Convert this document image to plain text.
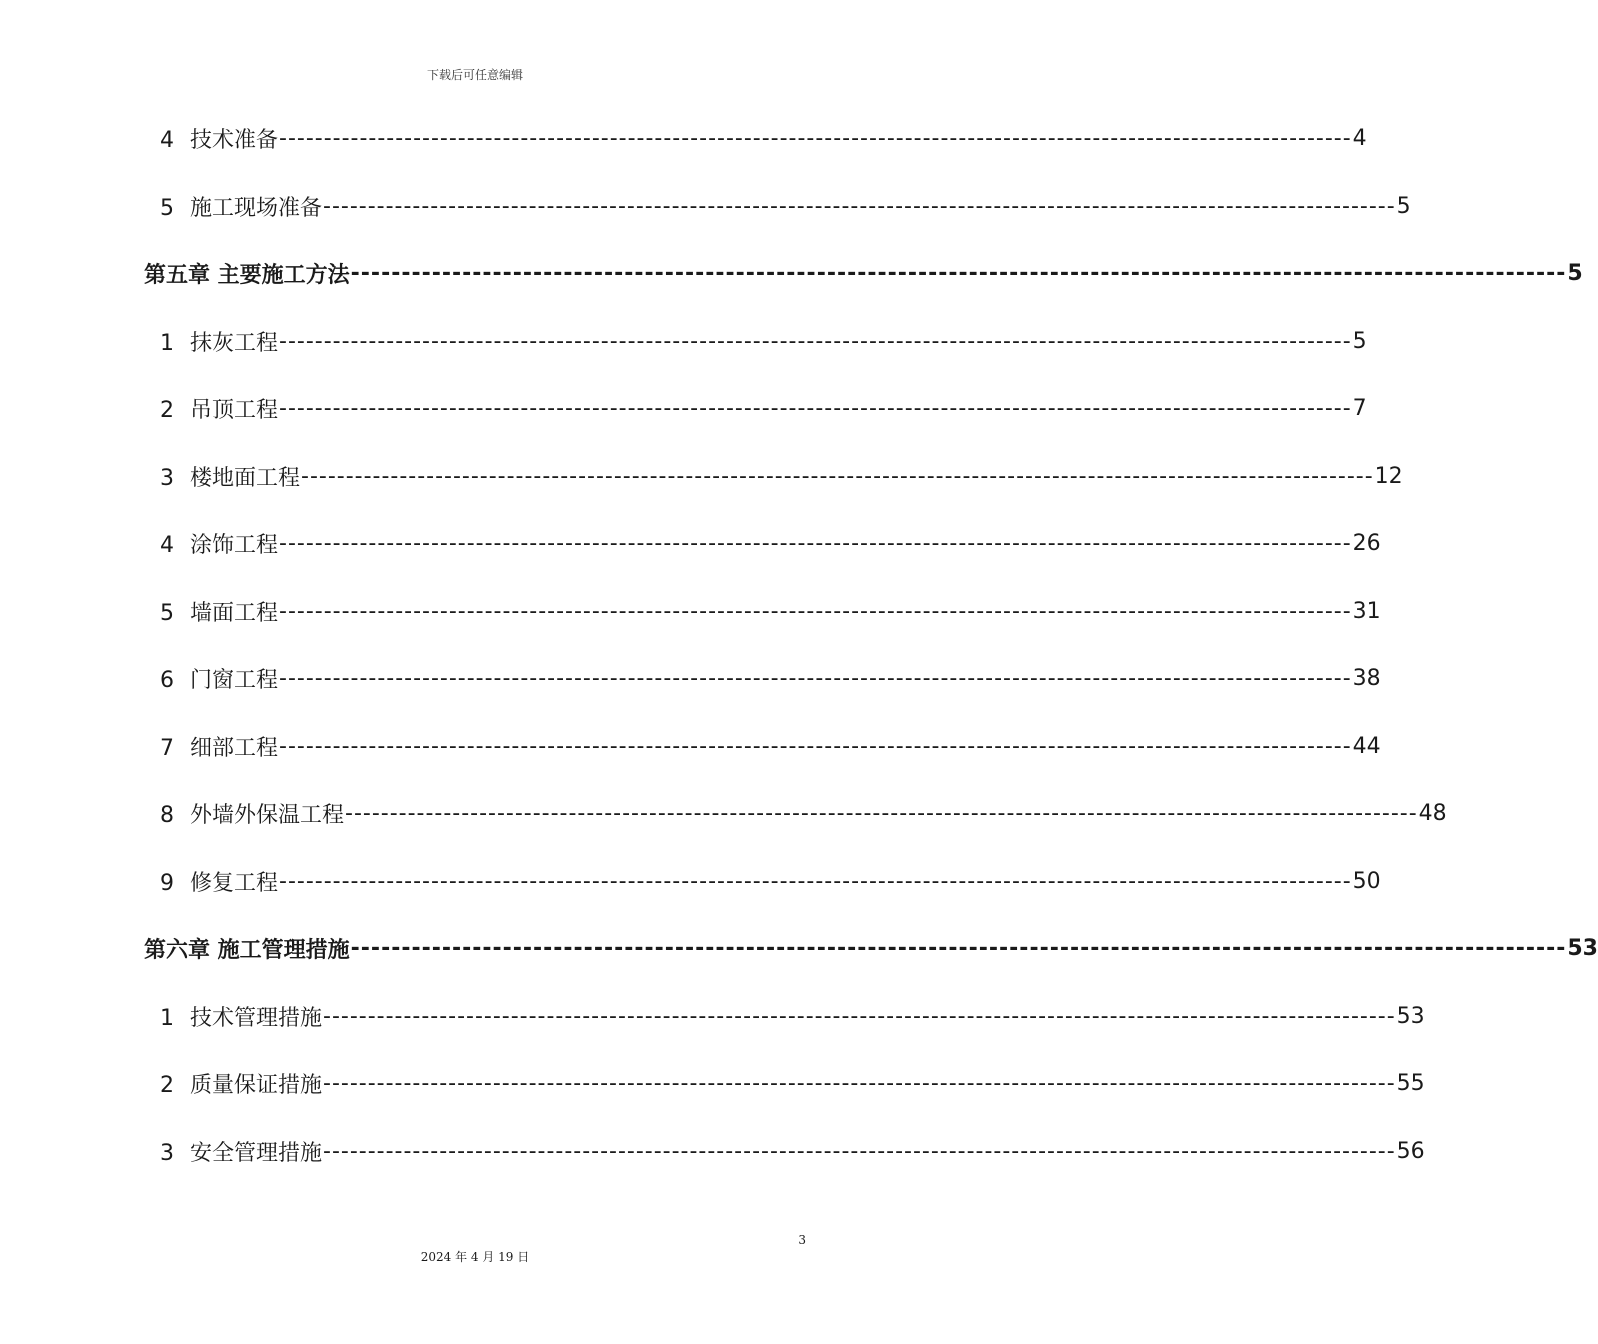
下载后可任意编辑
4 技术准备 ------------------------------------------------------------------------------------------------------------------------ 4
5 施工现场准备 ------------------------------------------------------------------------------------------------------------------------ 5
第五章 主要施工方法 ------------------------------------------------------------------------------------------------------------------------ 5
1 抹灰工程 ------------------------------------------------------------------------------------------------------------------------ 5
2 吊顶工程 ------------------------------------------------------------------------------------------------------------------------ 7
3 楼地面工程 ------------------------------------------------------------------------------------------------------------------------ 12
4 涂饰工程 ------------------------------------------------------------------------------------------------------------------------ 26
5 墙面工程 ------------------------------------------------------------------------------------------------------------------------ 31
6 门窗工程 ------------------------------------------------------------------------------------------------------------------------ 38
7 细部工程 ------------------------------------------------------------------------------------------------------------------------ 44
8 外墙外保温工程 ------------------------------------------------------------------------------------------------------------------------ 48
9 修复工程 ------------------------------------------------------------------------------------------------------------------------ 50
第六章 施工管理措施 ------------------------------------------------------------------------------------------------------------------------ 53
1 技术管理措施 ------------------------------------------------------------------------------------------------------------------------ 53
2 质量保证措施 ------------------------------------------------------------------------------------------------------------------------ 55
3 安全管理措施 ------------------------------------------------------------------------------------------------------------------------ 56
3
2024 年 4 月 19 日
